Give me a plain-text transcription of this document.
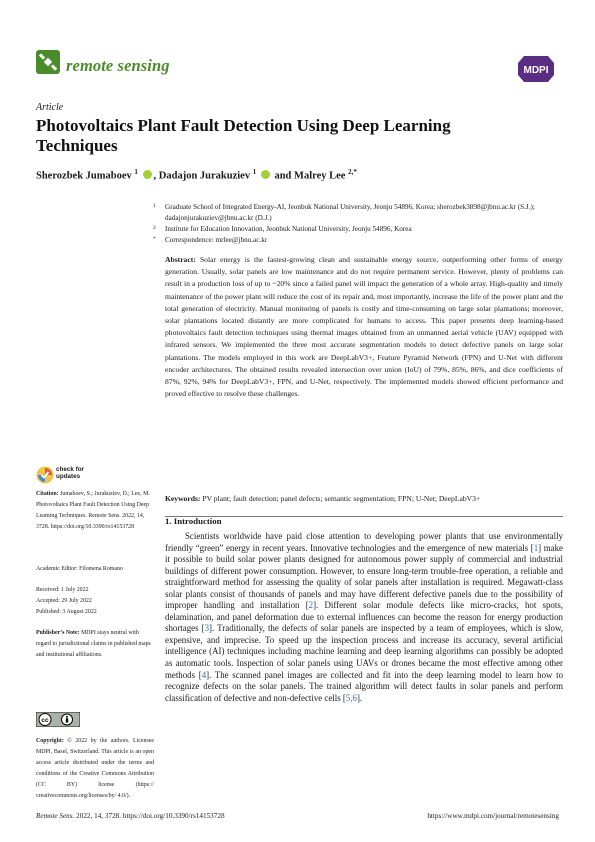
remote sensing	MDPI
Article
Photovoltaics Plant Fault Detection Using Deep Learning Techniques
Sherozbek Jumaboev $^1$ , Dadajon Jurakuziev $^1$ and Malrey Lee $^{2,*}$
1 Graduate School of Integrated Energy-AI, Jeonbuk National University, Jeonju 54896, Korea; sherozbek3898@jbnu.ac.kr (S.J.); dadajonjurakuziev@jbnu.ac.kr (D.J.)
2 Institute for Education Innovation, Jeonbuk National University, Jeonju 54896, Korea
* Correspondence: mrlee@jbnu.ac.kr
Abstract: Solar energy is the fastest-growing clean and sustainable energy source, outperforming other forms of energy generation. Usually, solar panels are low maintenance and do not require permanent service. However, plenty of problems can result in a production loss of up to ~20% since a failed panel will impact the generation of a whole array. High-quality and timely maintenance of the power plant will reduce the cost of its repair and, most importantly, increase the life of the power plant and the total generation of electricity. Manual monitoring of panels is costly and time-consuming on large solar plantations; moreover, solar plantations located distantly are more complicated for humans to access. This paper presents deep learning-based photovoltaics fault detection techniques using thermal images obtained from an unmanned aerial vehicle (UAV) equipped with infrared sensors. We implemented the three most accurate segmentation models to detect defective panels on large solar plantations. The models employed in this work are DeepLabV3+, Feature Pyramid Network (FPN) and U-Net with different encoder architectures. The obtained results revealed intersection over union (IoU) of 79%, 85%, 86%, and dice coefficients of 87%, 92%, 94% for DeepLabV3+, FPN, and U-Net, respectively. The implemented models showed efficient performance and proved effective to resolve these challenges.
Keywords: PV plant; fault detection; panel defects; semantic segmentation; FPN; U-Net; DeepLabV3+
check for updates
Citation: Jumaboev, S.; Jurakuziev, D.; Lee, M. Photovoltaics Plant Fault Detection Using Deep Learning Techniques. Remote Sens. 2022, 14, 3728. https://doi.org/10.3390/rs14153728
Academic Editor: Filomena Romano
Received: 1 July 2022
Accepted: 29 July 2022
Published: 3 August 2022
Publisher’s Note: MDPI stays neutral with regard to jurisdictional claims in published maps and institutional affiliations.
cc
Copyright: © 2022 by the authors. Licensee MDPI, Basel, Switzerland. This article is an open access article distributed under the terms and conditions of the Creative Commons Attribution (CC BY) license (https:// creativecommons.org/licenses/by/ 4.0/).
1. Introduction
Scientists worldwide have paid close attention to developing power plants that use environmentally friendly “green” energy in recent years. Innovative technologies and the emergence of new materials [1] make it possible to build solar power plants designed for autonomous power supply of commercial and industrial buildings of different power consumption. However, to ensure long-term trouble-free operation, a reliable and straightforward method for assessing the quality of solar panels after installation is required. Megawatt-class solar plants consist of thousands of panels and may have different defective panels due to the possibility of improper handling and installation [2]. Different solar module defects like micro-cracks, hot spots, delamination, and panel deformation due to external influences can become the reason for energy production shortages [3]. Traditionally, the defects of solar panels are inspected by a team of employees, which is slow, expensive, and imprecise. To speed up the inspection process and increase its accuracy, several artificial intelligence (AI) techniques including machine learning and deep learning algorithms can possibly be adopted as automatic tools. Inspection of solar panels using UAVs or drones became the most effective among other methods [4]. The scanned panel images are collected and fit into the deep learning model to learn how to recognize defects on the solar panels. The trained algorithm will detect faults in solar panels and perform classification of defective and non-defective cells [5,6].
Remote Sens. 2022, 14, 3728. https://doi.org/10.3390/rs14153728	https://www.mdpi.com/journal/remotesensing
